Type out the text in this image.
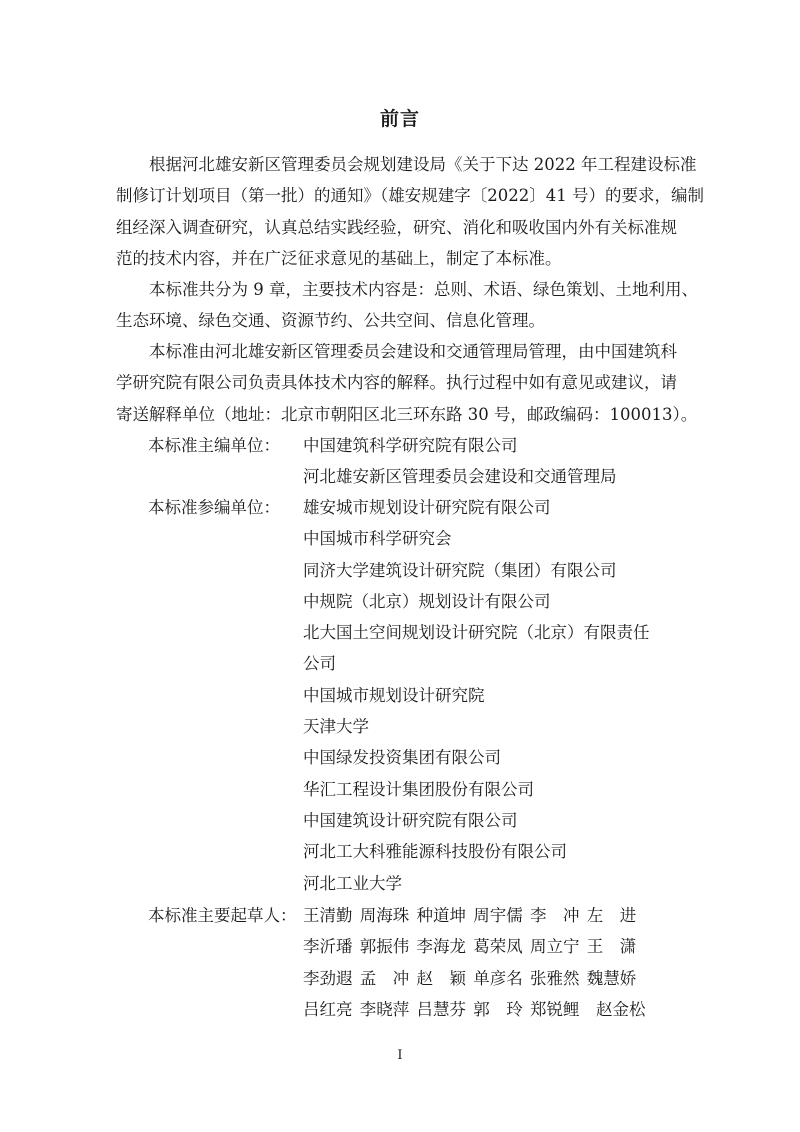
前言
根据河北雄安新区管理委员会规划建设局《关于下达 2022 年工程建设标准
制修订计划项目（第一批）的通知》（雄安规建字〔2022〕41 号）的要求，编制
组经深入调查研究，认真总结实践经验，研究、消化和吸收国内外有关标准规
范的技术内容，并在广泛征求意见的基础上，制定了本标准。
本标准共分为 9 章，主要技术内容是：总则、术语、绿色策划、土地利用、
生态环境、绿色交通、资源节约、公共空间、信息化管理。
本标准由河北雄安新区管理委员会建设和交通管理局管理，由中国建筑科
学研究院有限公司负责具体技术内容的解释。执行过程中如有意见或建议，请
寄送解释单位（地址：北京市朝阳区北三环东路 30 号，邮政编码：100013）。
本标准主编单位：	中国建筑科学研究院有限公司
河北雄安新区管理委员会建设和交通管理局
本标准参编单位：	雄安城市规划设计研究院有限公司
中国城市科学研究会
同济大学建筑设计研究院（集团）有限公司
中规院（北京）规划设计有限公司
北大国土空间规划设计研究院（北京）有限责任
公司
中国城市规划设计研究院
天津大学
中国绿发投资集团有限公司
华汇工程设计集团股份有限公司
中国建筑设计研究院有限公司
河北工大科雅能源科技股份有限公司
河北工业大学
本标准主要起草人： 王清勤 周海珠 种道坤 周宇儒 李　冲 左　进
李沂璠 郭振伟 李海龙 葛荣凤 周立宁 王　潇
李劲遐 孟　冲 赵　颖 单彦名 张雅然 魏慧娇
吕红亮 李晓萍 吕慧芬 郭　玲 郑锐鲤　赵金松
I
